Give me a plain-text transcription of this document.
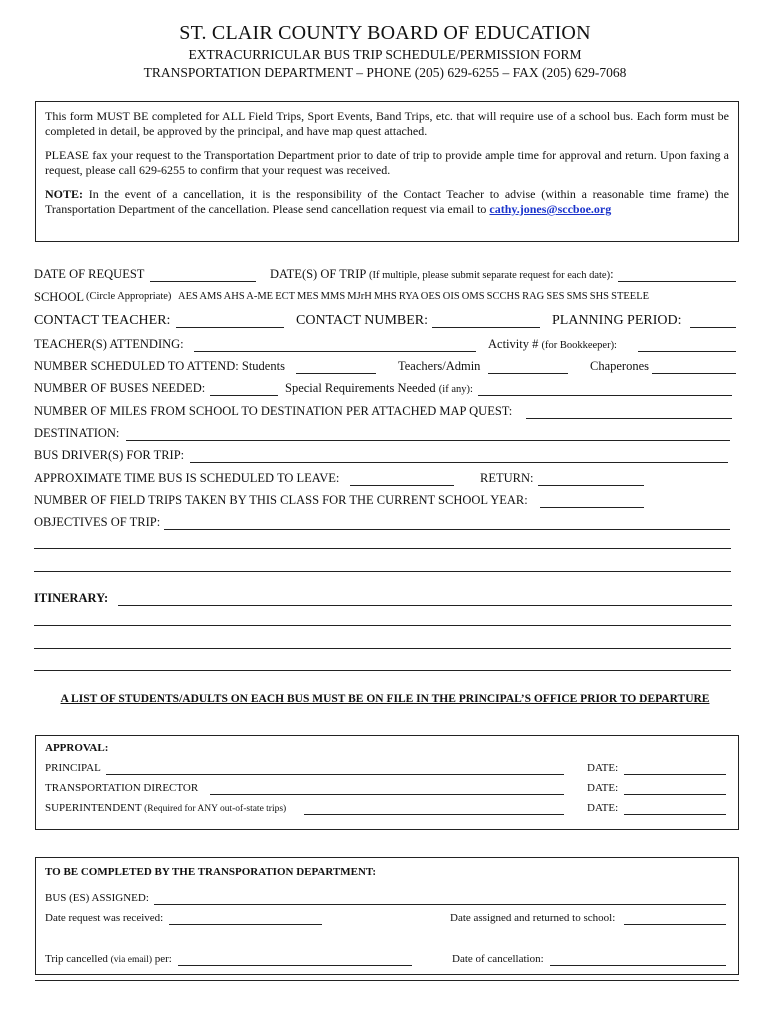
ST. CLAIR COUNTY BOARD OF EDUCATION
EXTRACURRICULAR BUS TRIP SCHEDULE/PERMISSION FORM
TRANSPORTATION DEPARTMENT – PHONE (205) 629-6255 – FAX (205) 629-7068

This form MUST BE completed for ALL Field Trips, Sport Events, Band Trips, etc. that will require use of a school bus. Each form must be completed in detail, be approved by the principal, and have map quest attached.

PLEASE fax your request to the Transportation Department prior to date of trip to provide ample time for approval and return. Upon faxing a request, please call 629-6255 to confirm that your request was received.

NOTE: In the event of a cancellation, it is the responsibility of the Contact Teacher to advise (within a reasonable time frame) the Transportation Department of the cancellation. Please send cancellation request via email to cathy.jones@sccboe.org

DATE OF REQUEST	DATE(S) OF TRIP (If multiple, please submit separate request for each date):
SCHOOL (Circle Appropriate) AES AMS AHS A-ME ECT MES MMS MJrH MHS RYA OES OIS OMS SCCHS RAG SES SMS SHS STEELE
CONTACT TEACHER:	CONTACT NUMBER:	PLANNING PERIOD:
TEACHER(S) ATTENDING:	Activity # (for Bookkeeper):
NUMBER SCHEDULED TO ATTEND: Students	Teachers/Admin	Chaperones
NUMBER OF BUSES NEEDED:	Special Requirements Needed (if any):
NUMBER OF MILES FROM SCHOOL TO DESTINATION PER ATTACHED MAP QUEST:
DESTINATION:
BUS DRIVER(S) FOR TRIP:
APPROXIMATE TIME BUS IS SCHEDULED TO LEAVE:	RETURN:
NUMBER OF FIELD TRIPS TAKEN BY THIS CLASS FOR THE CURRENT SCHOOL YEAR:
OBJECTIVES OF TRIP:
ITINERARY:
A LIST OF STUDENTS/ADULTS ON EACH BUS MUST BE ON FILE IN THE PRINCIPAL’S OFFICE PRIOR TO DEPARTURE
APPROVAL:
PRINCIPAL	DATE:
TRANSPORTATION DIRECTOR	DATE:
SUPERINTENDENT (Required for ANY out-of-state trips)	DATE:
TO BE COMPLETED BY THE TRANSPORATION DEPARTMENT:
BUS (ES) ASSIGNED:
Date request was received:	Date assigned and returned to school:
Trip cancelled (via email) per:	Date of cancellation:
